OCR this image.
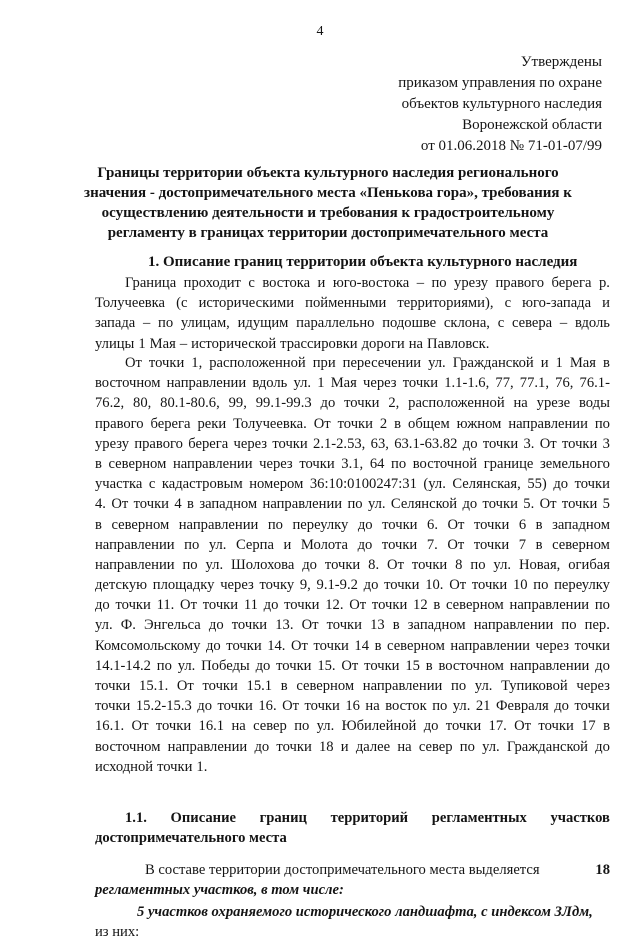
4
Утверждены
приказом управления по охране
объектов культурного наследия
Воронежской области
от 01.06.2018 № 71-01-07/99
Границы территории объекта культурного наследия регионального
значения - достопримечательного места «Пенькова гора», требования к
осуществлению деятельности и требования к градостроительному
регламенту в границах территории достопримечательного места
1. Описание границ территории объекта культурного наследия
Граница проходит с востока и юго-востока – по урезу правого берега р.
Толучеевка (с историческими пойменными территориями), с юго-запада и
запада – по улицам, идущим параллельно подошве склона, с севера – вдоль
улицы 1 Мая – исторической трассировки дороги на Павловск.
От точки 1, расположенной при пересечении ул. Гражданской и 1 Мая в
восточном направлении вдоль ул. 1 Мая через точки 1.1-1.6, 77, 77.1, 76, 76.1-
76.2, 80, 80.1-80.6, 99, 99.1-99.3 до точки 2, расположенной на урезе воды
правого берега реки Толучеевка. От точки 2 в общем южном направлении по
урезу правого берега через точки 2.1-2.53, 63, 63.1-63.82 до точки 3. От точки 3
в северном направлении через точки 3.1, 64 по восточной границе земельного
участка с кадастровым номером 36:10:0100247:31 (ул. Селянская, 55) до точки
4. От точки 4 в западном направлении по ул. Селянской до точки 5. От точки 5
в северном направлении по переулку до точки 6. От точки 6 в западном
направлении по ул. Серпа и Молота до точки 7. От точки 7 в северном
направлении по ул. Шолохова до точки 8. От точки 8 по ул. Новая, огибая
детскую площадку через точку 9, 9.1-9.2 до точки 10. От точки 10 по переулку
до точки 11. От точки 11 до точки 12. От точки 12 в северном направлении по
ул. Ф. Энгельса до точки 13. От точки 13 в западном направлении по пер.
Комсомольскому до точки 14. От точки 14 в северном направлении через точки
14.1-14.2 по ул. Победы до точки 15. От точки 15 в восточном направлении до
точки 15.1. От точки 15.1 в северном направлении по ул. Тупиковой через
точки 15.2-15.3 до точки 16. От точки 16 на восток по ул. 21 Февраля до точки
16.1. От точки 16.1 на север по ул. Юбилейной до точки 17. От точки 17 в
восточном направлении до точки 18 и далее на север по ул. Гражданской до
исходной точки 1.
1.1. Описание границ территорий регламентных участков
достопримечательного места
В составе территории достопримечательного места выделяется	18
регламентных участков, в том числе:
5 участков охраняемого исторического ландшафта, с индексом ЗЛдм,
из них:
